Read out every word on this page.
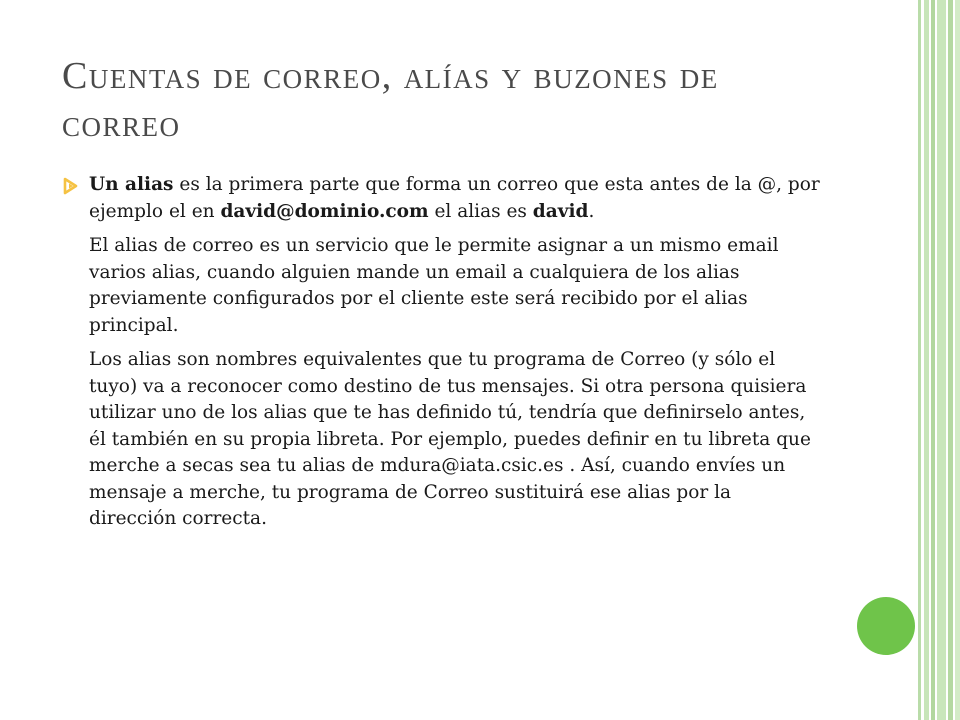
Cuentas de correo, alías y buzones de correo

Un alias es la primera parte que forma un correo que esta antes de la @, por ejemplo el en david@dominio.com el alias es david.

El alias de correo es un servicio que le permite asignar a un mismo email varios alias, cuando alguien mande un email a cualquiera de los alias previamente configurados por el cliente este será recibido por el alias principal.

Los alias son nombres equivalentes que tu programa de Correo (y sólo el tuyo) va a reconocer como destino de tus mensajes. Si otra persona quisiera utilizar uno de los alias que te has definido tú, tendría que definirselo antes, él también en su propia libreta. Por ejemplo, puedes definir en tu libreta que merche a secas sea tu alias de mdura@iata.csic.es . Así, cuando envíes un mensaje a merche, tu programa de Correo sustituirá ese alias por la dirección correcta.
